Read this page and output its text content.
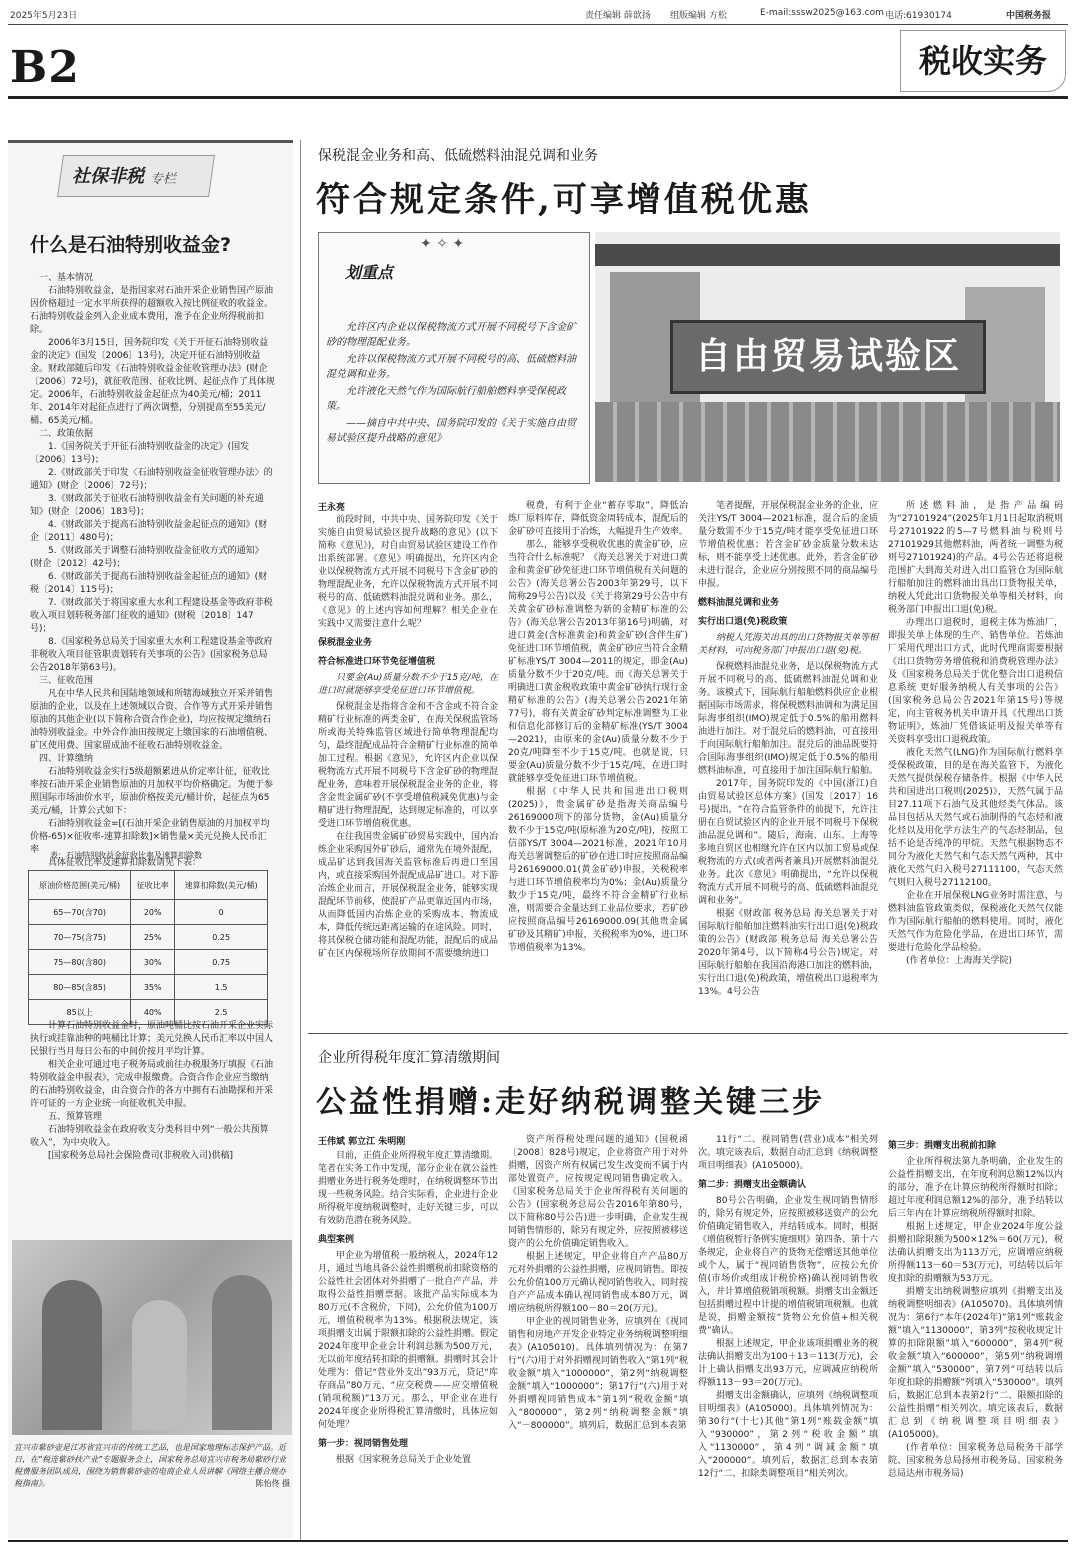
2025年5月23日	责任编辑 薛歆扬 组版编辑 方松	E-mail:sssw2025@163.com 电话:61930174	中国税务报
B2	税收实务
社保非税 专栏
什么是石油特别收益金?

一、基本情况

石油特别收益金，是指国家对石油开采企业销售国产原油因价格超过一定水平所获得的超额收入按比例征收的收益金。石油特别收益金列入企业成本费用，准予在企业所得税前扣除。

2006年3月15日，国务院印发《关于开征石油特别收益金的决定》(国发〔2006〕13号)，决定开征石油特别收益金。财政部随后印发《石油特别收益金征收管理办法》(财企〔2006〕72号)，就征收范围、征收比例、起征点作了具体规定。2006年，石油特别收益金起征点为40美元/桶；2011年、2014年对起征点进行了两次调整，分别提高至55美元/桶、65美元/桶。

二、政策依据

1.《国务院关于开征石油特别收益金的决定》(国发〔2006〕13号)；

2.《财政部关于印发〈石油特别收益金征收管理办法〉的通知》(财企〔2006〕72号)；

3.《财政部关于征收石油特别收益金有关问题的补充通知》(财企〔2006〕183号)；

4.《财政部关于提高石油特别收益金起征点的通知》(财企〔2011〕480号)；

5.《财政部关于调整石油特别收益金征收方式的通知》(财企〔2012〕42号)；

6.《财政部关于提高石油特别收益金起征点的通知》(财税〔2014〕115号)；

7.《财政部关于将国家重大水利工程建设基金等政府非税收入项目划转税务部门征收的通知》(财税〔2018〕147号)；

8.《国家税务总局关于国家重大水利工程建设基金等政府非税收入项目征管职责划转有关事项的公告》(国家税务总局公告2018年第63号)。

三、征收范围

凡在中华人民共和国陆地领域和所辖海域独立开采并销售原油的企业，以及在上述领域以合资、合作等方式开采并销售原油的其他企业(以下简称合资合作企业)，均应按规定缴纳石油特别收益金。中外合作油田按规定上缴国家的石油增值税、矿区使用费、国家留成油不征收石油特别收益金。

四、计算缴纳

石油特别收益金实行5级超额累进从价定率计征，征收比率按石油开采企业销售原油的月加权平均价格确定。为便于参照国际市场油价水平，原油价格按美元/桶计价，起征点为65美元/桶，计算公式如下：

石油特别收益金=[(石油开采企业销售原油的月加权平均价格-65)×征收率-速算扣除数]×销售量×美元兑换人民币汇率

具体征收比率及速算扣除数请见下表：

表：石油特别收益金征收比率及速算扣除数
原油价格范围(美元/桶)	征收比率	速算扣除数(美元/桶)
65—70(含70)	20%	0
70—75(含75)	25%	0.25
75—80(含80)	30%	0.75
80—85(含85)	35%	1.5
85以上	40%	2.5

计算石油特别收益金时，原油吨桶比按石油开采企业实际执行或挂靠油种的吨桶比计算；美元兑换人民币汇率以中国人民银行当月每日公布的中间价按月平均计算。

相关企业可通过电子税务局或前往办税服务厅填报《石油特别收益金申报表》，完成申报缴费。合资合作企业应当缴纳的石油特别收益金，由合资合作的各方中拥有石油勘探和开采许可证的一方企业统一向征收机关申报。

五、预算管理

石油特别收益金在政府收支分类科目中列“一般公共预算收入”，为中央收入。

[国家税务总局社会保险费司(非税收入司)供稿]

宜兴市紫砂壶是江苏省宜兴市的传统工艺品，也是国家地理标志保护产品。近日，在“税连紫砂扶产业”专题服务会上，国家税务总局宜兴市税务局紫砂行业税费服务团队成员，围绕为销售紫砂壶的电商企业人员讲解《网络主播合规办税指南》。	陈怡佟 摄
保税混金业务和高、低硫燃料油混兑调和业务
符合规定条件,可享增值税优惠
✦ ✧ ✦
划重点

允许区内企业以保税物流方式开展不同税号下含金矿砂的物理混配业务。

允许以保税物流方式开展不同税号的高、低硫燃料油混兑调和业务。

允许液化天然气作为国际航行船舶燃料享受保税政策。

——摘自中共中央、国务院印发的《关于实施自由贸易试验区提升战略的意见》

自由贸易试验区
王永亮

前段时间，中共中央、国务院印发《关于实施自由贸易试验区提升战略的意见》(以下简称《意见》)，对自由贸易试验区建设工作作出系统部署。《意见》明确提出，允许区内企业以保税物流方式开展不同税号下含金矿砂的物理混配业务，允许以保税物流方式开展不同税号的高、低硫燃料油混兑调和业务。那么，《意见》的上述内容如何理解？相关企业在实践中又需要注意什么呢？

保税混金业务

符合标准进口环节免征增值税

只要金(Au)质量分数不少于15克/吨，在进口时就能够享受免征进口环节增值税。

保税混金是指将含金和不含金或不符合金精矿行业标准的两类金矿，在海关保税监管场所或海关特殊监管区域进行简单物理混配均匀，最终混配成品符合金精矿行业标准的简单加工过程。根据《意见》，允许区内企业以保税物流方式开展不同税号下含金矿砂的物理混配业务，意味着开展保税混金业务的企业，将含金贵金属矿砂(不享受增值税减免优惠)与金精矿进行物理混配，达到规定标准的，可以享受进口环节增值税优惠。

在往我国贵金属矿砂贸易实践中，国内冶炼企业采购国外矿砂后，通常先在境外混配，成品矿达到我国海关监管标准后再进口至国内，或直接采购国外混配成品矿进口。对下游冶炼企业而言，开展保税混金业务，能够实现混配环节前移，使混矿产品更靠近国内市场，从而降低国内冶炼企业的采购成本、物流成本，降低传统远距离运输的在途风险。同时，将其保税仓储功能和混配功能，混配后的成品矿在区内保税场所存放期间不需要缴纳进口

税费，有利于企业“蓄存零取”，降低冶炼厂原料库存，降低资金周转成本，混配后的金矿砂可直接用于冶炼，大幅提升生产效率。

那么，能够享受税收优惠的黄金矿砂，应当符合什么标准呢？《海关总署关于对进口黄金和黄金矿砂免征进口环节增值税有关问题的公告》(海关总署公告2003年第29号，以下简称29号公告)以及《关于将第29号公告中有关黄金矿砂标准调整为新的金精矿标准的公告》(海关总署公告2013年第16号)明确，对进口黄金(含标准黄金)和黄金矿砂(含伴生矿)免征进口环节增值税，黄金矿砂应当符合金精矿标准YS/T 3004—2011的规定，即金(Au)质量分数不少于20克/吨。而《海关总署关于明确进口黄金税收政策中黄金矿砂执行现行金精矿标准的公告》(海关总署公告2021年第77号)，将有关黄金矿砂判定标准调整为工业和信息化部修订后的金精矿标准(YS/T 3004—2021)，由原来的金(Au)质量分数不少于20克/吨降至不少于15克/吨。也就是说，只要金(Au)质量分数不少于15克/吨，在进口时就能够享受免征进口环节增值税。

根据《中华人民共和国进出口税则(2025)》，贵金属矿砂是指海关商品编号26169000项下的部分货物，金(Au)质量分数不少于15克/吨(原标准为20克/吨)，按照工信部YS/T 3004—2021标准，2021年10月海关总署调整后的矿砂在进口时应按照商品编号26169000.01(黄金矿砂)申报，关税税率与进口环节增值税率均为0%；金(Au)质量分数少于15克/吨，最终不符合金精矿行业标准，则需要合金量达到工业品位要求，若矿砂应按照商品编号26169000.09(其他贵金属矿砂及其精矿)申报，关税税率为0%，进口环节增值税率为13%。

笔者提醒，开展保税混金业务的企业，应关注YS/T 3004—2021标准，混合后的金质量分数需不少于15克/吨才能享受免征进口环节增值税优惠；若含金矿砂金质量分数未达标，则不能享受上述优惠。此外，若含金矿砂未进行混合，企业应分别按照不同的商品编号申报。

燃料油混兑调和业务

实行出口退(免)税政策

纳税人凭海关出具的出口货物报关单等相关材料，可向税务部门申报出口退(免)税。

保税燃料油混兑业务，是以保税物流方式开展不同税号的高、低硫燃料油混兑调和业务。该模式下，国际航行船舶燃料供应企业根据国际市场需求，将保税燃料油调和为满足国际海事组织(IMO)规定低于0.5%的船用燃料油进行加注。对于混兑后的燃料油，可直接用于向国际航行船舶加注。混兑后的油品既要符合国际海事组织(IMO)规定低于0.5%的船用燃料油标准，可直接用于加注国际航行船舶。

2017年，国务院印发的《中国(浙江)自由贸易试验区总体方案》(国发〔2017〕16号)提出，“在符合监管条件的前提下，允许注册在自贸试验区内的企业开展不同税号下保税油品混兑调和”。随后，海南、山东、上海等多地自贸区也相继允许在区内以加工贸易或保税物流的方式(或者两者兼具)开展燃料油混兑业务。此次《意见》明确提出，“允许以保税物流方式开展不同税号的高、低硫燃料油混兑调和业务”。

根据《财政部 税务总局 海关总署关于对国际航行船舶加注燃料油实行出口退(免)税政策的公告》(财政部 税务总局 海关总署公告2020年第4号，以下简称4号公告)规定，对国际航行船舶在我国沿海港口加注的燃料油，实行出口退(免)税政策，增值税出口退税率为13%。4号公告

所述燃料油，是指产品编码为“27101924”(2025年1月1日起取消税则号27101922的5—7号燃料油与税则号27101929其他燃料油，两者统一调整为税则号27101924)的产品。4号公告还将退税范围扩大到海关对进入出口监管仓为国际航行船舶加注的燃料油出具出口货物报关单，纳税人凭此出口货物报关单等相关材料，向税务部门申报出口退(免)税。

办理出口退税时，退税主体为炼油厂，即报关单上体现的生产、销售单位。若炼油厂采用代理出口方式，此时代理商需要根据《出口货物劳务增值税和消费税管理办法》及《国家税务总局关于优化整合出口退税信息系统 更好服务纳税人有关事项的公告》(国家税务总局公告2021年第15号)等规定，向主管税务机关申请开具《代理出口货物证明》，炼油厂凭借该证明及报关单等有关资料享受出口退税政策。

液化天然气(LNG)作为国际航行燃料享受保税政策，目的是在海关监管下，为液化天然气提供保税存储条件。根据《中华人民共和国进出口税则(2025)》，天然气属于品目27.11项下石油气及其他烃类气体品。该品目包括从天然气或石油制得的气态烃和液化烃以及用化学方法生产的气态烃制品，包括不论是否纯净的甲烷。天然气根据物态不同分为液化天然气和气态天然气两种，其中液化天然气归入税号27111100，气态天然气则归入税号27112100。

企业在开展保税LNG业务时需注意，与燃料油监管政策类似，保税液化天然气仅能作为国际航行船舶的燃料使用。同时，液化天然气作为危险化学品，在进出口环节，需要进行危险化学品检验。

(作者单位：上海海关学院)

企业所得税年度汇算清缴期间
公益性捐赠:走好纳税调整关键三步
王伟斌 郭立江 朱明刚

目前，正值企业所得税年度汇算清缴期。笔者在实务工作中发现，部分企业在就公益性捐赠业务进行税务处理时，在纳税调整环节出现一些税务风险。结合实际看，企业进行企业所得税年度纳税调整时，走好关键三步，可以有效防范潜在税务风险。

典型案例

甲企业为增值税一般纳税人，2024年12月，通过当地具备公益性捐赠税前扣除资格的公益性社会团体对外捐赠了一批自产产品，并取得公益性捐赠票据。该批产品实际成本为80万元(不含税价，下同)，公允价值为100万元，增值税税率为13%。根据税法规定，该项捐赠支出属于限额扣除的公益性捐赠。假定2024年度甲企业会计利润总额为500万元，无以前年度结转扣除的捐赠额。捐赠时其会计处理为：借记“营业外支出”93万元，贷记“库存商品”80万元、“应交税费——应交增值税(销项税额)”13万元。那么，甲企业在进行2024年度企业所得税汇算清缴时，具体应如何处理？

第一步：视同销售处理

根据《国家税务总局关于企业处置

资产所得税处理问题的通知》(国税函〔2008〕828号)规定，企业将资产用于对外捐赠，因资产所有权属已发生改变而不属于内部处置资产，应按规定视同销售确定收入。《国家税务总局关于企业所得税有关问题的公告》(国家税务总局公告2016年第80号，以下简称80号公告)进一步明确，企业发生视同销售情形的，除另有规定外，应按照被移送资产的公允价值确定销售收入。

根据上述规定，甲企业将自产产品80万元对外捐赠的公益性捐赠，应视同销售。即按公允价值100万元确认视同销售收入，同时按自产产品成本确认视同销售成本80万元，调增应纳税所得额100－80＝20(万元)。

甲企业的视同销售业务，应填列在《视同销售和房地产开发企业特定业务纳税调整明细表》(A105010)。具体填列情况为：在第7行“(六)用于对外捐赠视同销售收入”第1列“税收金额”填入“1000000”，第2列“纳税调整金额”填入“1000000”；第17行“(六)用于对外捐赠视同销售成本”第1列“税收金额”填入“800000”，第2列“纳税调整金额”填入“－800000”。填列后，数据汇总到本表第

11行“二、视同销售(营业)成本”相关列次。填完该表后，数据自动汇总到《纳税调整项目明细表》(A105000)。

第二步：捐赠支出金额确认

80号公告明确，企业发生视同销售情形的，除另有规定外，应按照被移送资产的公允价值确定销售收入，并结转成本。同时，根据《增值税暂行条例实施细则》第四条、第十六条规定，企业将自产的货物无偿赠送其他单位或个人，属于“视同销售货物”，应按公允价值(市场价或组成计税价格)确认视同销售收入，并计算增值税销项税额。捐赠支出金额还包括捐赠过程中计提的增值税销项税额。也就是说，捐赠金额按“货物公允价值+相关税费”确认。

根据上述规定，甲企业该项捐赠业务的税法确认捐赠支出为100＋13＝113(万元)，会计上确认捐赠支出93万元，应调减应纳税所得额113－93＝20(万元)。

捐赠支出金额确认，应填列《纳税调整项目明细表》(A105000)。具体填列情况为：第30行“(十七)其他”第1列“账载金额”填入“930000”，第2列“税收金额”填入“1130000”，第4列“调减金额”填入“200000”。填列后，数据汇总到本表第12行“二、扣除类调整项目”相关列次。

第三步：捐赠支出税前扣除

企业所得税法第九条明确，企业发生的公益性捐赠支出，在年度利润总额12%以内的部分，准予在计算应纳税所得额时扣除；超过年度利润总额12%的部分，准予结转以后三年内在计算应纳税所得额时扣除。

根据上述规定，甲企业2024年度公益捐赠扣除限额为500×12%＝60(万元)，税法确认捐赠支出为113万元，应调增应纳税所得额113－60＝53(万元)，可结转以后年度扣除的捐赠额为53万元。

捐赠支出纳税调整应填列《捐赠支出及纳税调整明细表》(A105070)。具体填列情况为：第6行“本年(2024年)”第1列“账载金额”填入“1130000”，第3列“按税收规定计算的扣除限额”填入“600000”，第4列“税收金额”填入“600000”，第5列“纳税调增金额”填入“530000”，第7列“可结转以后年度扣除的捐赠额”列填入“530000”。填列后，数据汇总到本表第2行“二、限额扣除的公益性捐赠”相关列次。填完该表后，数据汇总到《纳税调整项目明细表》(A105000)。

(作者单位：国家税务总局税务干部学院、国家税务总局扬州市税务局、国家税务总局达州市税务局)
